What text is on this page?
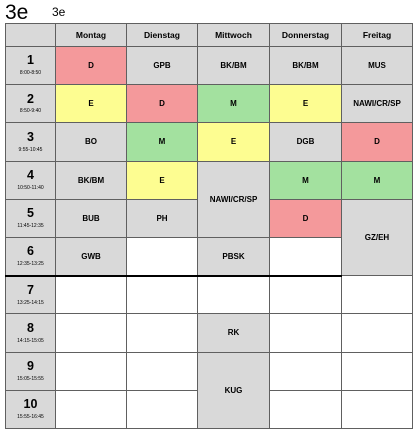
3e 3e
	Montag	Dienstag	Mittwoch	Donnerstag	Freitag

1
8:00-8:50	D	GPB	BK/BM	BK/BM	MUS

2
8:50-9:40	E	D	M	E	NAWI/CR/SP

3
9:55-10:45	BO	M	E	DGB	D

4
10:50-11:40	BK/BM	E	NAWI/CR/SP	M	M

5
11:45-12:35	BUB	PH		D	GZ/EH

6
12:35-13:25	GWB		PBSK		

7
13:25-14:15					

8
14:15-15:05			RK		

9
15:05-15:55			KUG		

10
15:55-16:45					
